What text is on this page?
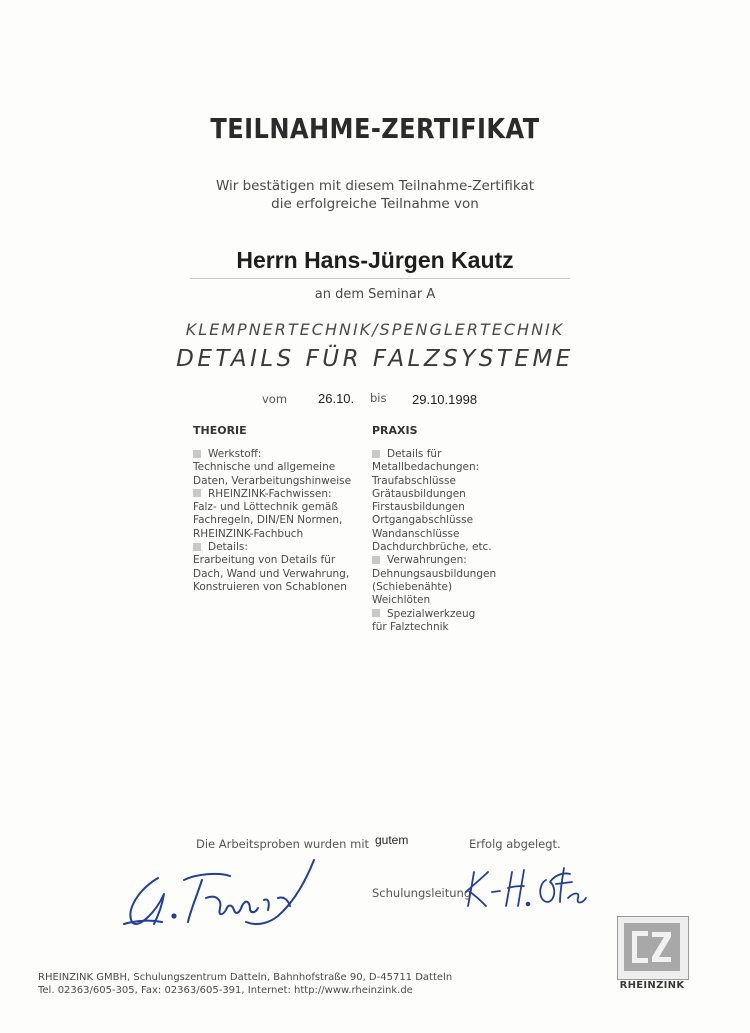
TEILNAHME-ZERTIFIKAT
Wir bestätigen mit diesem Teilnahme-Zertifikat
die erfolgreiche Teilnahme von
Herrn Hans-Jürgen Kautz
an dem Seminar A
KLEMPNERTECHNIK/SPENGLERTECHNIK
DETAILS FÜR FALZSYSTEME
vom 26.10. bis 29.10.1998
THEORIE
Werkstoff:
Technische und allgemeine
Daten, Verarbeitungshinweise
RHEINZINK-Fachwissen:
Falz- und Löttechnik gemäß
Fachregeln, DIN/EN Normen,
RHEINZINK-Fachbuch
Details:
Erarbeitung von Details für
Dach, Wand und Verwahrung,
Konstruieren von Schablonen
PRAXIS
Details für
Metallbedachungen:
Traufabschlüsse
Grätausbildungen
Firstausbildungen
Ortgangabschlüsse
Wandanschlüsse
Dachdurchbrüche, etc.
Verwahrungen:
Dehnungsausbildungen
(Schiebenähte)
Weichlöten
Spezialwerkzeug
für Falztechnik
Die Arbeitsproben wurden mit gutem	Erfolg abgelegt.
Schulungsleitung
RHEINZINK GMBH, Schulungszentrum Datteln, Bahnhofstraße 90, D-45711 Datteln
Tel. 02363/605-305, Fax: 02363/605-391, Internet: http://www.rheinzink.de	RHEINZINK
